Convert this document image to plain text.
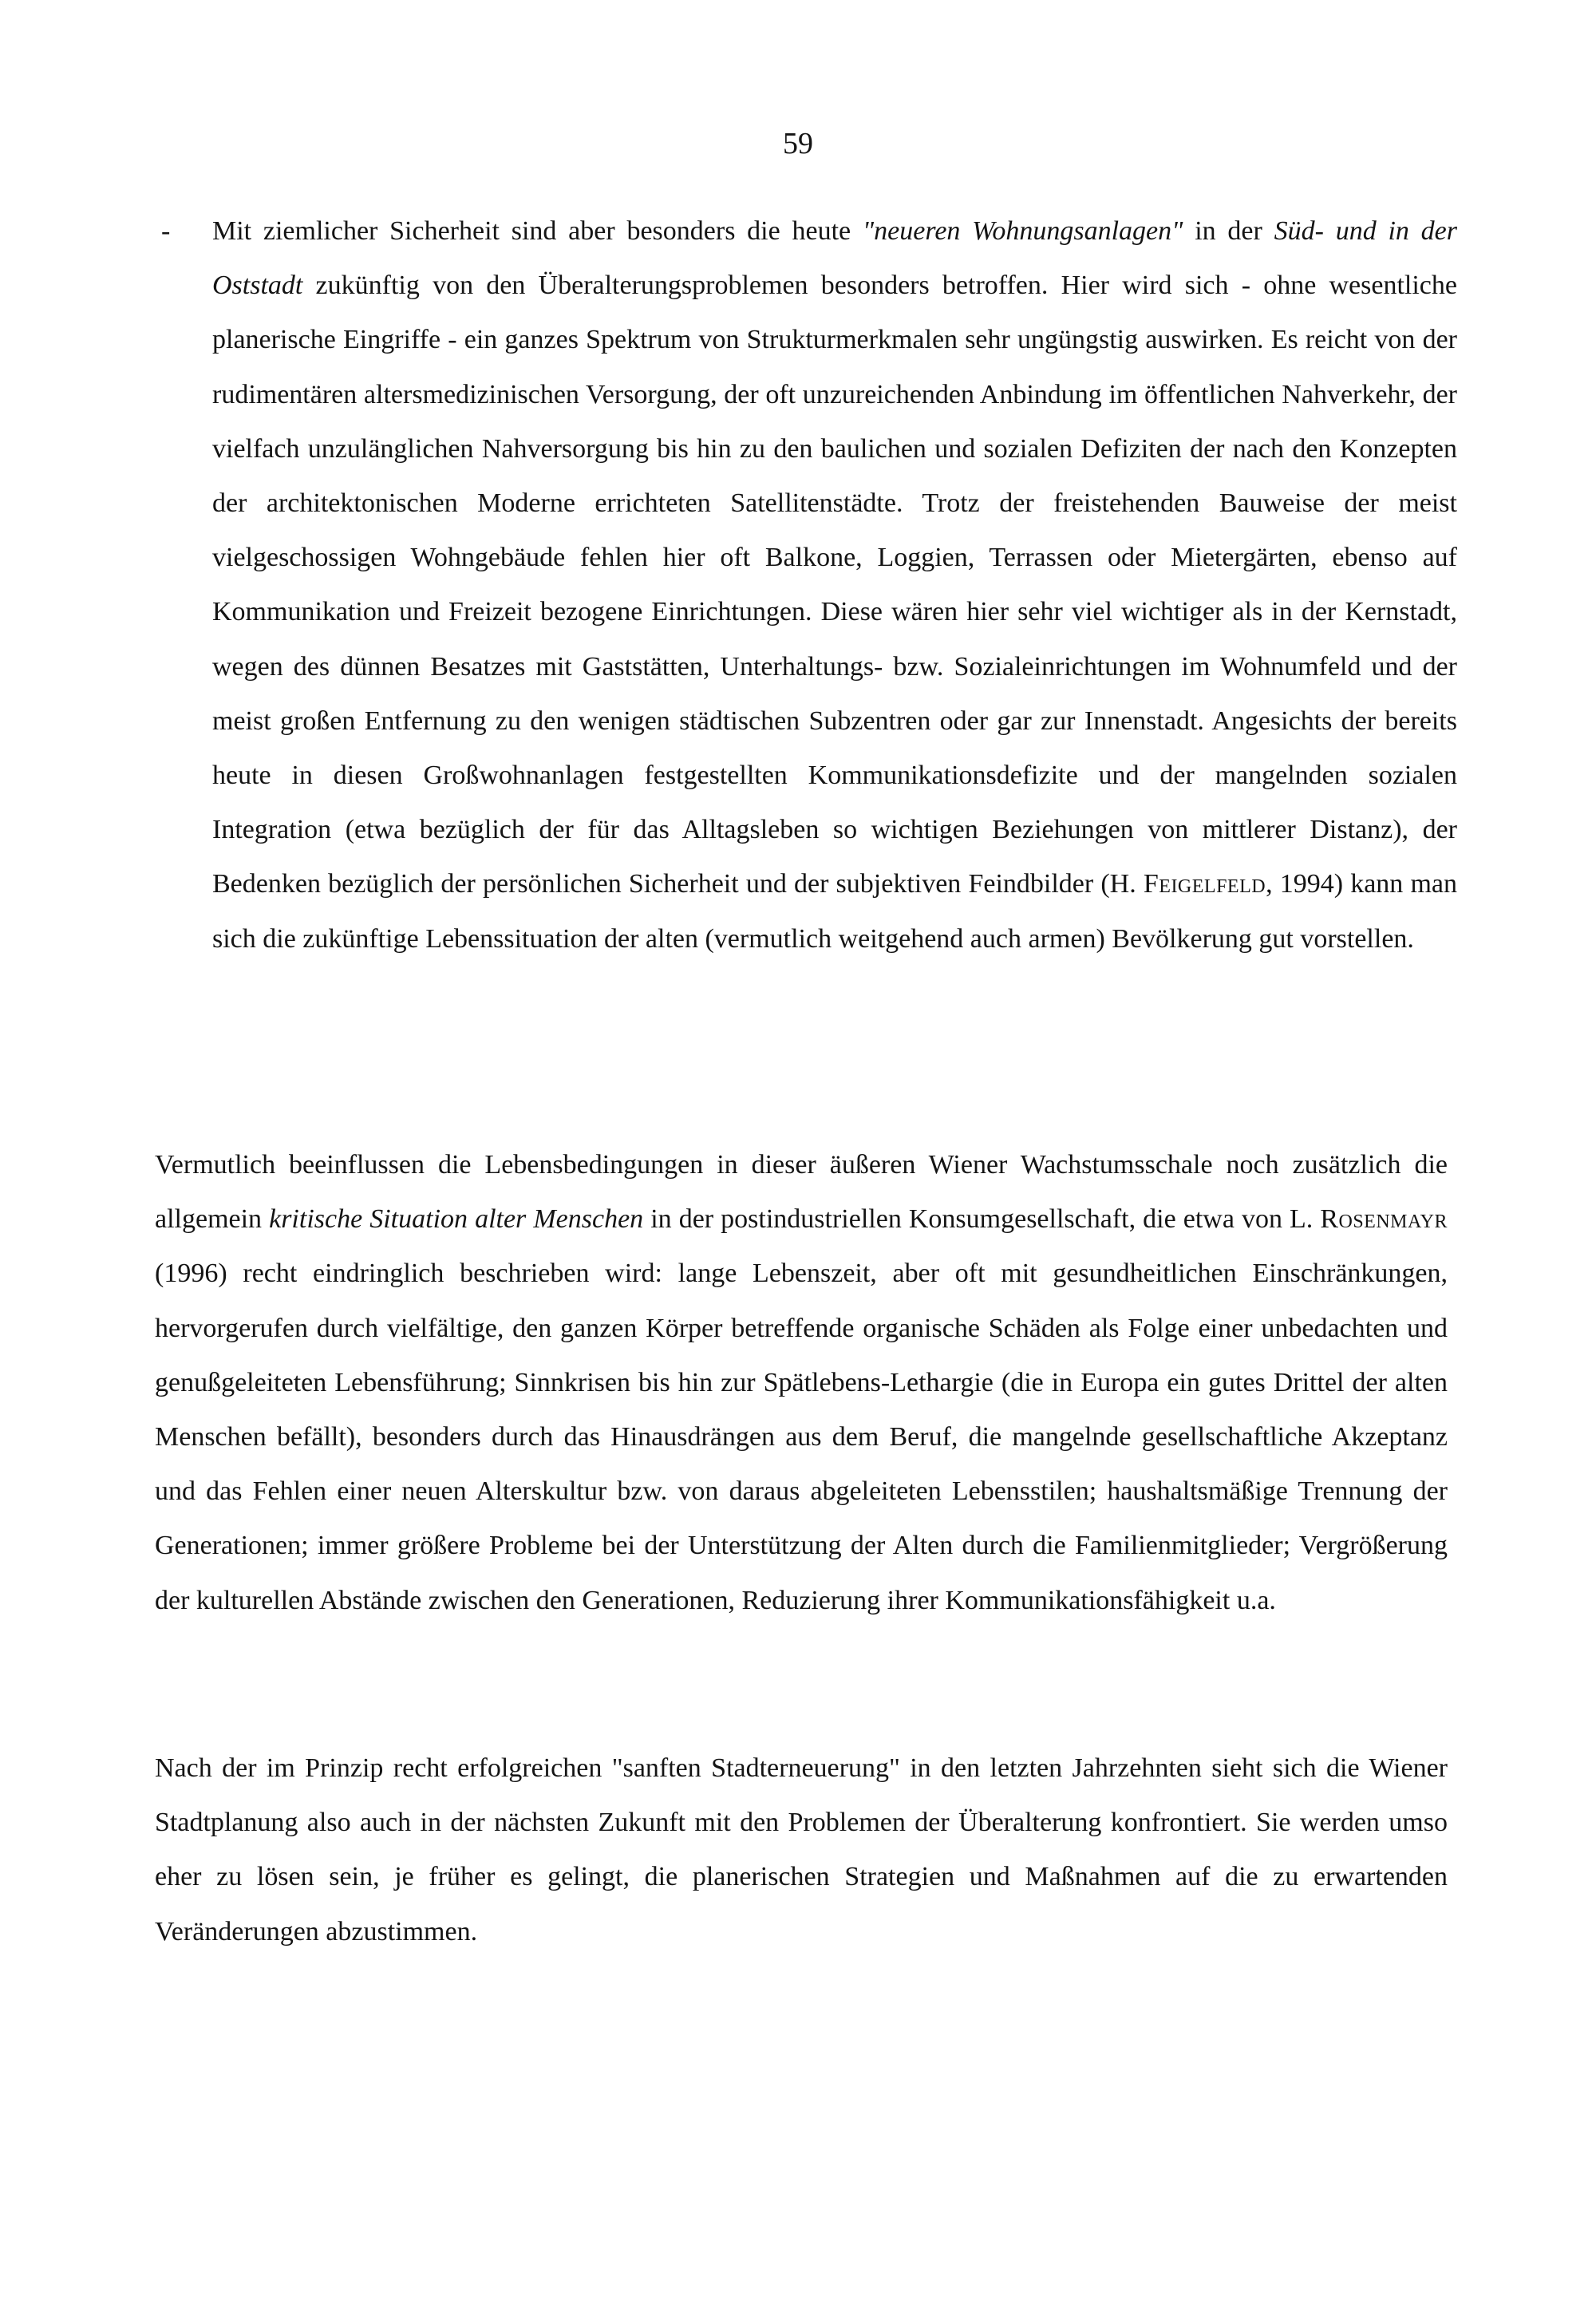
59
- Mit ziemlicher Sicherheit sind aber besonders die heute "neueren Wohnungsanlagen" in der Süd- und in der Oststadt zukünftig von den Überalterungsproblemen besonders betroffen. Hier wird sich - ohne wesentliche planerische Eingriffe - ein ganzes Spektrum von Strukturmerkmalen sehr ungüngstig auswirken. Es reicht von der rudimentären altersmedizinischen Versorgung, der oft unzureichenden Anbindung im öffentlichen Nahverkehr, der vielfach unzulänglichen Nahversorgung bis hin zu den baulichen und sozialen Defiziten der nach den Konzepten der architektonischen Moderne errichteten Satellitenstädte. Trotz der freistehenden Bauweise der meist vielgeschossigen Wohngebäude fehlen hier oft Balkone, Loggien, Terrassen oder Mietergärten, ebenso auf Kommunikation und Freizeit bezogene Einrichtungen. Diese wären hier sehr viel wichtiger als in der Kernstadt, wegen des dünnen Besatzes mit Gaststätten, Unterhaltungs- bzw. Sozialeinrichtungen im Wohnumfeld und der meist großen Entfernung zu den wenigen städtischen Subzentren oder gar zur Innenstadt. Angesichts der bereits heute in diesen Großwohnanlagen festgestellten Kommunikationsdefizite und der mangelnden sozialen Integration (etwa bezüglich der für das Alltagsleben so wichtigen Beziehungen von mittlerer Distanz), der Bedenken bezüglich der persönlichen Sicherheit und der subjektiven Feindbilder (H. Feigelfeld, 1994) kann man sich die zukünftige Lebenssituation der alten (vermutlich weitgehend auch armen) Bevölkerung gut vorstellen.

Vermutlich beeinflussen die Lebensbedingungen in dieser äußeren Wiener Wachstumsschale noch zusätzlich die allgemein kritische Situation alter Menschen in der postindustriellen Konsumgesellschaft, die etwa von L. Rosenmayr (1996) recht eindringlich beschrieben wird: lange Lebenszeit, aber oft mit gesundheitlichen Einschränkungen, hervorgerufen durch vielfältige, den ganzen Körper betreffende organische Schäden als Folge einer unbedachten und genußgeleiteten Lebensführung; Sinnkrisen bis hin zur Spätlebens-Lethargie (die in Europa ein gutes Drittel der alten Menschen befällt), besonders durch das Hinausdrängen aus dem Beruf, die mangelnde gesellschaftliche Akzeptanz und das Fehlen einer neuen Alterskultur bzw. von daraus abgeleiteten Lebensstilen; haushaltsmäßige Trennung der Generationen; immer größere Probleme bei der Unterstützung der Alten durch die Familienmitglieder; Vergrößerung der kulturellen Abstände zwischen den Generationen, Reduzierung ihrer Kommunikationsfähigkeit u.a.

Nach der im Prinzip recht erfolgreichen "sanften Stadterneuerung" in den letzten Jahrzehnten sieht sich die Wiener Stadtplanung also auch in der nächsten Zukunft mit den Problemen der Überalterung konfrontiert. Sie werden umso eher zu lösen sein, je früher es gelingt, die planerischen Strategien und Maßnahmen auf die zu erwartenden Veränderungen abzustimmen.
